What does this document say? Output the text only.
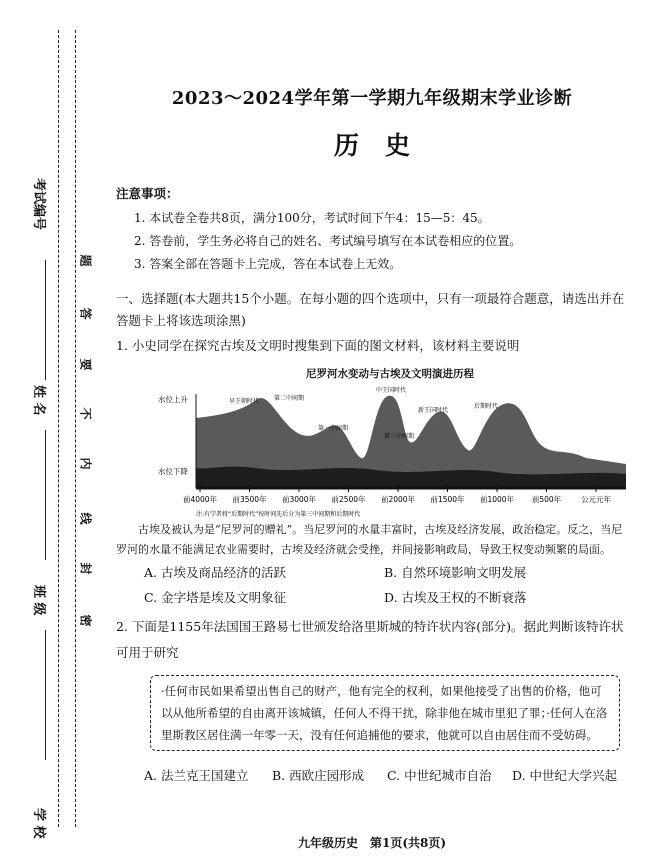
考试编号
姓 名
班 级
学 校
题
答
要
不
内
线
封
密
2023～2024学年第一学期九年级期末学业诊断
历史
注意事项：
1. 本试卷全卷共8页，满分100分，考试时间下午4：15—5：45。
2. 答卷前，学生务必将自己的姓名、考试编号填写在本试卷相应的位置。
3. 答案全部在答题卡上完成，答在本试卷上无效。
一、选择题(本大题共15个小题。在每小题的四个选项中，只有一项最符合题意，请选出并在答题卡上将该选项涂黑)
1. 小史同学在探究古埃及文明时搜集到下面的图文材料，该材料主要说明
尼罗河水变动与古埃及文明演进历程
早王朝时代 第二中间期
第一中间期
第三中间期
中王国时代
新王国时代
后期时代
水位上升
水位下降
前4000年 前3500年 前3000年 前2500年 前2000年 前1500年 前1000年 前500年	公元元年
注:有学者将“后期时代”按时间先后分为第三中间期和后期时代
古埃及被认为是“尼罗河的赠礼”。当尼罗河的水量丰富时，古埃及经济发展，政治稳定。反之，当尼罗河的水量不能满足农业需要时，古埃及经济就会受挫，并间接影响政局，导致王权变动频繁的局面。
A. 古埃及商品经济的活跃	B. 自然环境影响文明发展
C. 金字塔是埃及文明象征	D. 古埃及王权的不断衰落
2. 下面是1155年法国国王路易七世颁发给洛里斯城的特许状内容(部分)。据此判断该特许状可用于研究
·任何市民如果希望出售自己的财产，他有完全的权利，如果他接受了出售的价格，他可以从他所希望的自由离开该城镇，任何人不得干扰，除非他在城市里犯了罪；·任何人在洛里斯教区居住满一年零一天，没有任何追捕他的要求，他就可以自由居住而不受妨碍。
A. 法兰克王国建立 B. 西欧庄园形成 C. 中世纪城市自治 D. 中世纪大学兴起
九年级历史　第1页(共8页)
